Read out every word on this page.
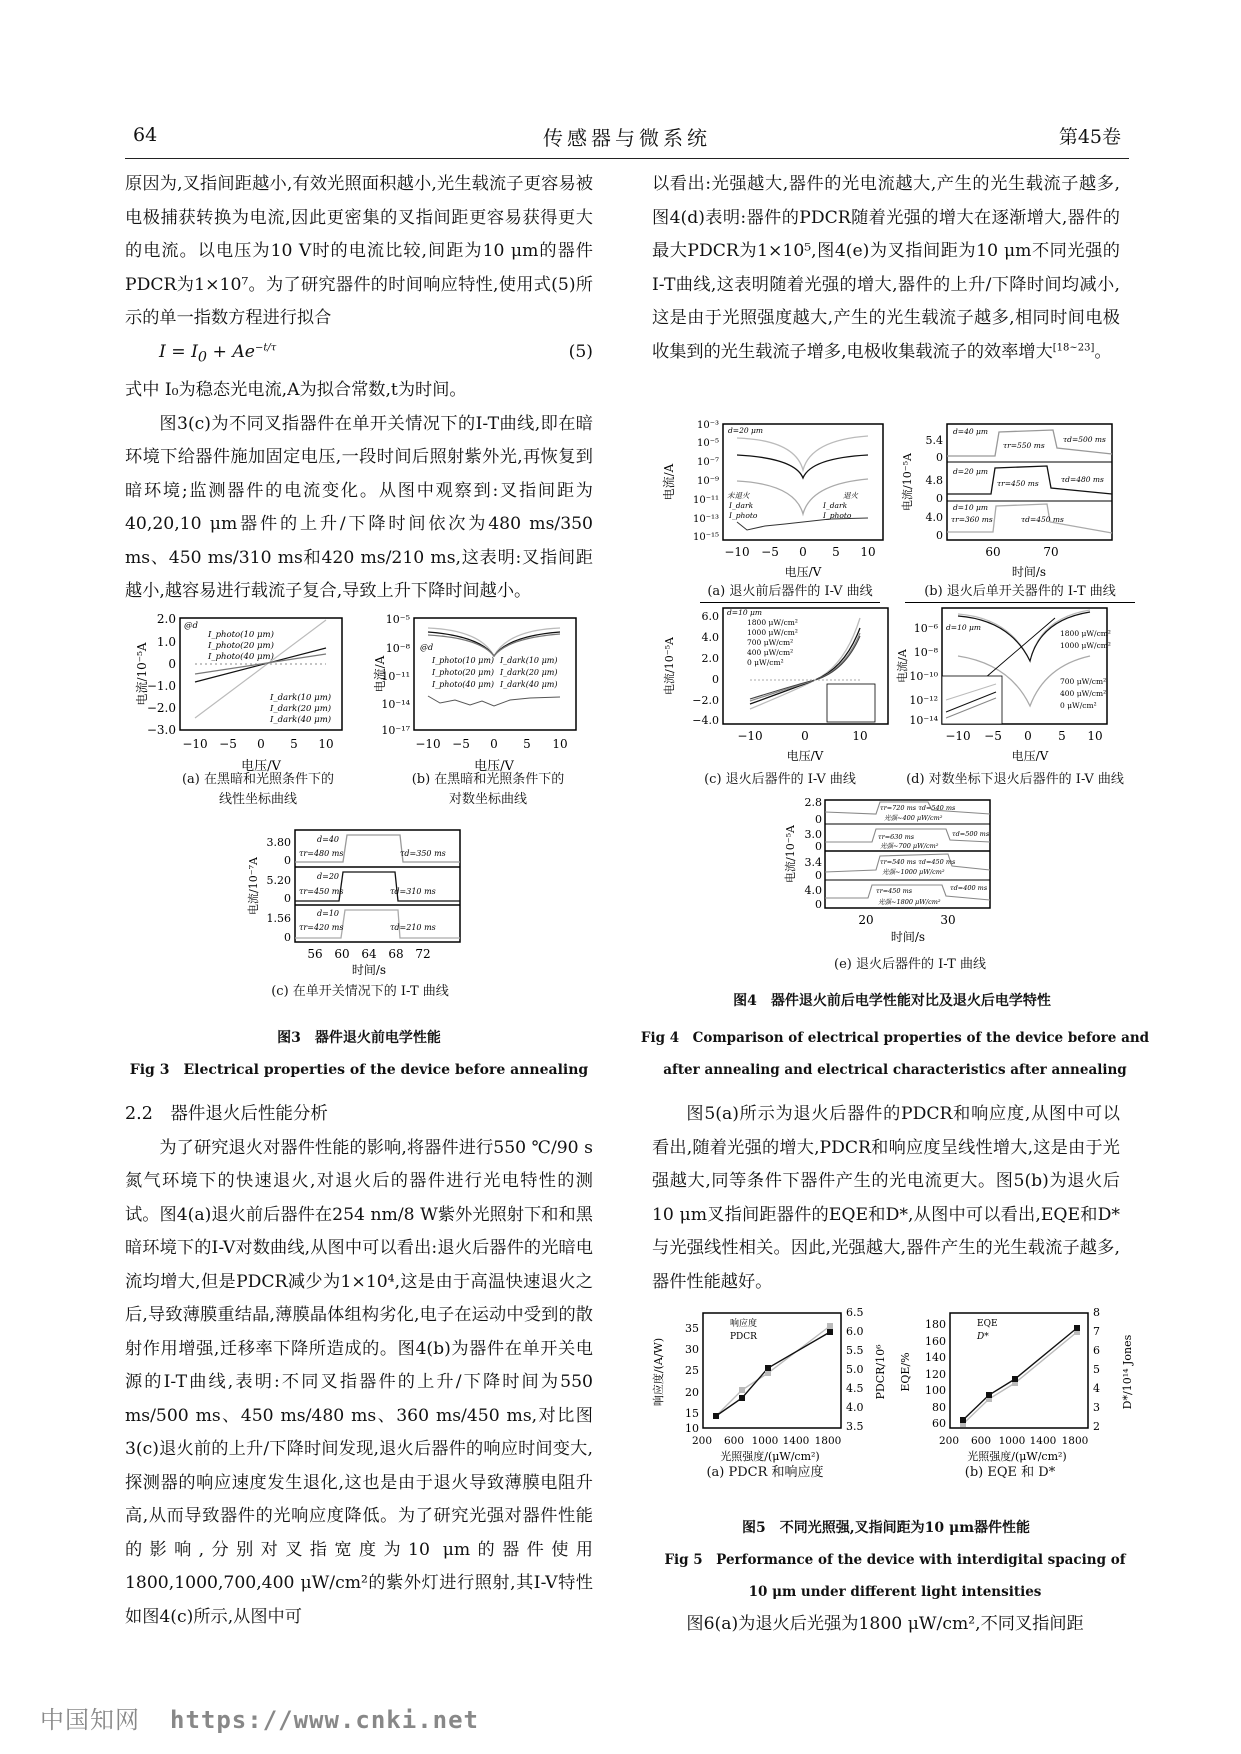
64	传感器与微系统	第45卷

原因为,叉指间距越小,有效光照面积越小,光生载流子更容易被电极捕获转换为电流,因此更密集的叉指间距更容易获得更大的电流。以电压为10 V时的电流比较,间距为10 μm的器件PDCR为1×10⁷。为了研究器件的时间响应特性,使用式(5)所示的单一指数方程进行拟合

$I = I_0 + Ae^{-t/\tau}$	(5)

式中 I₀为稳态光电流,A为拟合常数,t为时间。

图3(c)为不同叉指器件在单开关情况下的I-T曲线,即在暗环境下给器件施加固定电压,一段时间后照射紫外光,再恢复到暗环境;监测器件的电流变化。从图中观察到:叉指间距为40,20,10 μm器件的上升/下降时间依次为480 ms/350 ms、450 ms/310 ms和420 ms/210 ms,这表明:叉指间距越小,越容易进行载流子复合,导致上升下降时间越小。

2.0
1.0
0
−1.0
−2.0
−3.0
−10 −5 0 5 10
电压/V
电流/10⁻⁵A
@d
I_photo(10 μm)
I_photo(20 μm)
I_photo(40 μm)
I_dark(10 μm)
I_dark(20 μm)
I_dark(40 μm)
(a) 在黑暗和光照条件下的
线性坐标曲线
10⁻⁵
10⁻⁸
10⁻¹¹
10⁻¹⁴
10⁻¹⁷
−10 −5 0 5 10
电压/V
电流/A
@d
I_photo(10 μm) I_dark(10 μm)
I_photo(20 μm) I_dark(20 μm)
I_photo(40 μm) I_dark(40 μm)
(b) 在黑暗和光照条件下的
对数坐标曲线
3.80
0
5.20
0
1.56
0
d=40
τr=480 ms	τd=350 ms
d=20
τr=450 ms	τd=310 ms
d=10
τr=420 ms	τd=210 ms
56 60 64 68 72
时间/s
电流/10⁻⁷A
(c) 在单开关情况下的 I-T 曲线
图3　器件退火前电学性能
Fig 3　Electrical properties of the device before annealing

2.2　器件退火后性能分析

为了研究退火对器件性能的影响,将器件进行550 ℃/90 s氮气环境下的快速退火,对退火后的器件进行光电特性的测试。图4(a)退火前后器件在254 nm/8 W紫外光照射下和和黑暗环境下的I-V对数曲线,从图中可以看出:退火后器件的光暗电流均增大,但是PDCR减少为1×10⁴,这是由于高温快速退火之后,导致薄膜重结晶,薄膜晶体组构劣化,电子在运动中受到的散射作用增强,迁移率下降所造成的。图4(b)为器件在单开关电源的I-T曲线,表明:不同叉指器件的上升/下降时间为550 ms/500 ms、450 ms/480 ms、360 ms/450 ms,对比图3(c)退火前的上升/下降时间发现,退火后器件的响应时间变大,探测器的响应速度发生退化,这也是由于退火导致薄膜电阻升高,从而导致器件的光响应度降低。为了研究光强对器件性能的影响,分别对叉指宽度为10 μm的器件使用1800,1000,700,400 μW/cm²的紫外灯进行照射,其I-V特性如图4(c)所示,从图中可

以看出:光强越大,器件的光电流越大,产生的光生载流子越多,图4(d)表明:器件的PDCR随着光强的增大在逐渐增大,器件的最大PDCR为1×10⁵,图4(e)为叉指间距为10 μm不同光强的I-T曲线,这表明随着光强的增大,器件的上升/下降时间均减小,这是由于光照强度越大,产生的光生载流子越多,相同时间电极收集到的光生载流子增多,电极收集载流子的效率增大[18~23]。

10⁻³
10⁻⁵
10⁻⁷
10⁻⁹
10⁻¹¹
10⁻¹³
10⁻¹⁵
d=20 μm
未退火	退火
I_dark
I_photo
I_dark
I_photo
−10 −5 0 5 10
电压/V
电流/A
(a) 退火前后器件的 I-V 曲线
5.4
0
4.8
0
4.0
0
d=40 μm
τr=550 ms
τd=500 ms
d=20 μm
τr=450 ms	τd=480 ms
d=10 μm
τr=360 ms	τd=450 ms
60	70
时间/s
电流/10⁻⁵A
(b) 退火后单开关器件的 I-T 曲线
6.0
4.0
2.0
0
−2.0
−4.0
d=10 μm
1800 μW/cm²
1000 μW/cm²
700 μW/cm²
400 μW/cm²
0 μW/cm²
−10	0	10
电压/V
电流/10⁻⁵A
(c) 退火后器件的 I-V 曲线
10⁻⁶
10⁻⁸
10⁻¹⁰
10⁻¹²
10⁻¹⁴
d=10 μm
1800 μW/cm²
1000 μW/cm²
700 μW/cm²
400 μW/cm²
0 μW/cm²
−10 −5 0 5 10
电压/V
电流/A
(d) 对数坐标下退火后器件的 I-V 曲线
2.8
0
3.0
0
3.4
0
4.0
0
τr=720 ms τd=540 ms
光强~400 μW/cm²
τr=630 ms	τd=500 ms
光强~700 μW/cm²
τr=540 ms τd=450 ms
光强~1000 μW/cm²
τr=450 ms	τd=400 ms
光强~1800 μW/cm²
20	30
时间/s
电流/10⁻⁵A
(e) 退火后器件的 I-T 曲线
图4　器件退火前后电学性能对比及退火后电学特性
Fig 4　Comparison of electrical properties of the device before and
after annealing and electrical characteristics after annealing

图5(a)所示为退火后器件的PDCR和响应度,从图中可以看出,随着光强的增大,PDCR和响应度呈线性增大,这是由于光强越大,同等条件下器件产生的光电流更大。图5(b)为退火后10 μm叉指间距器件的EQE和D*,从图中可以看出,EQE和D*与光强线性相关。因此,光强越大,器件产生的光生载流子越多,器件性能越好。

35
30
25
20
15
10
6.5
6.0
5.5
5.0
4.5
4.0
3.5
响应度
PDCR
200 600 1000 1400 1800
光照强度/(μW/cm²)
响应度/(A/W)	PDCR/10⁶
(a) PDCR 和响应度
180
160
140
120
100
80
60
8
7
6
5
4
3
2
EQE
D*
200 600 1000 1400 1800
光照强度/(μW/cm²)
EQE/%	D*/10¹⁴ Jones
(b) EQE 和 D*
图5　不同光照强,叉指间距为10 μm器件性能
Fig 5　Performance of the device with interdigital spacing of
10 μm under different light intensities

图6(a)为退火后光强为1800 μW/cm²,不同叉指间距

中国知网 https://www.cnki.net
